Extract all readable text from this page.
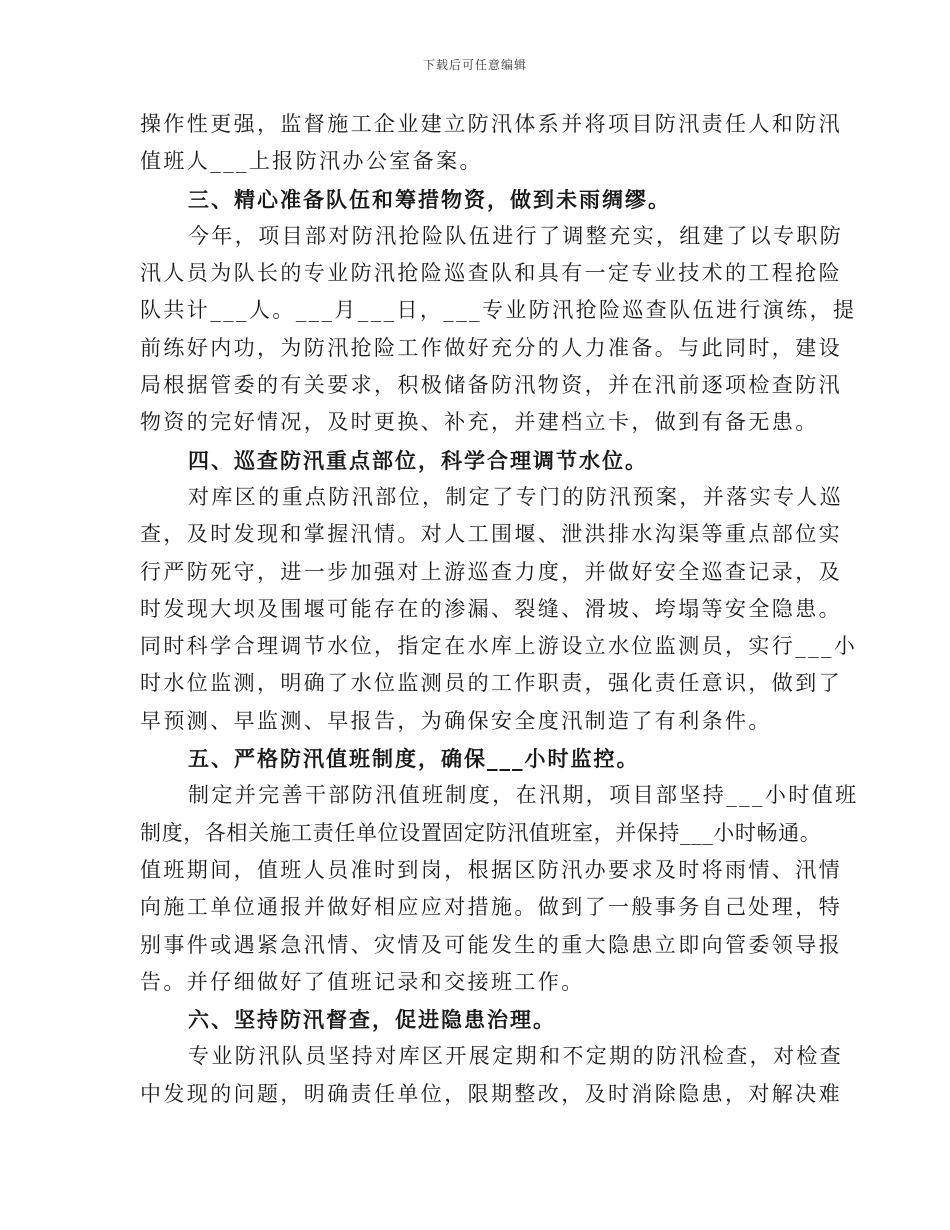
下载后可任意编辑
操作性更强，监督施工企业建立防汛体系并将项目防汛责任人和防汛
值班人___上报防汛办公室备案。
三、精心准备队伍和筹措物资，做到未雨绸缪。
今年，项目部对防汛抢险队伍进行了调整充实，组建了以专职防
汛人员为队长的专业防汛抢险巡查队和具有一定专业技术的工程抢险
队共计___人。___月___日，___专业防汛抢险巡查队伍进行演练，提
前练好内功，为防汛抢险工作做好充分的人力准备。与此同时，建设
局根据管委的有关要求，积极储备防汛物资，并在汛前逐项检查防汛
物资的完好情况，及时更换、补充，并建档立卡，做到有备无患。
四、巡查防汛重点部位，科学合理调节水位。
对库区的重点防汛部位，制定了专门的防汛预案，并落实专人巡
查，及时发现和掌握汛情。对人工围堰、泄洪排水沟渠等重点部位实
行严防死守，进一步加强对上游巡查力度，并做好安全巡查记录，及
时发现大坝及围堰可能存在的渗漏、裂缝、滑坡、垮塌等安全隐患。
同时科学合理调节水位，指定在水库上游设立水位监测员，实行___小
时水位监测，明确了水位监测员的工作职责，强化责任意识，做到了
早预测、早监测、早报告，为确保安全度汛制造了有利条件。
五、严格防汛值班制度，确保___小时监控。
制定并完善干部防汛值班制度，在汛期，项目部坚持___小时值班
制度，各相关施工责任单位设置固定防汛值班室，并保持___小时畅通。
值班期间，值班人员准时到岗，根据区防汛办要求及时将雨情、汛情
向施工单位通报并做好相应应对措施。做到了一般事务自己处理，特
别事件或遇紧急汛情、灾情及可能发生的重大隐患立即向管委领导报
告。并仔细做好了值班记录和交接班工作。
六、坚持防汛督查，促进隐患治理。
专业防汛队员坚持对库区开展定期和不定期的防汛检查，对检查
中发现的问题，明确责任单位，限期整改，及时消除隐患，对解决难
